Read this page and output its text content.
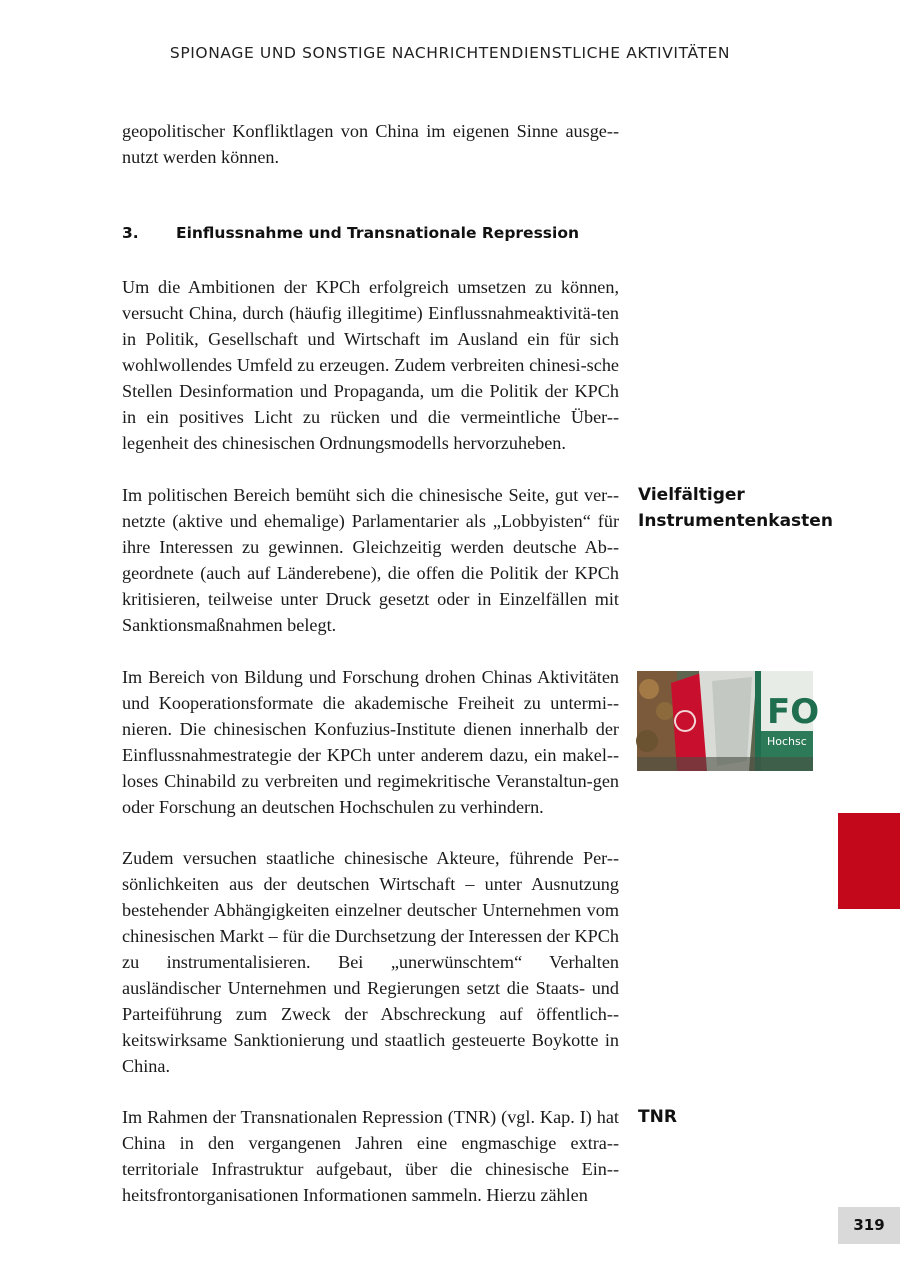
SPIONAGE UND SONSTIGE NACHRICHTENDIENSTLICHE AKTIVITÄTEN

geopolitischer Konfliktlagen von China im eigenen Sinne ausge-nutzt werden können.

3. Einflussnahme und Transnationale Repression

Um die Ambitionen der KPCh erfolgreich umsetzen zu können, versucht China, durch (häufig illegitime) Einflussnahmeaktivitä-ten in Politik, Gesellschaft und Wirtschaft im Ausland ein für sich wohlwollendes Umfeld zu erzeugen. Zudem verbreiten chinesi-sche Stellen Desinformation und Propaganda, um die Politik der KPCh in ein positives Licht zu rücken und die vermeintliche Über-legenheit des chinesischen Ordnungsmodells hervorzuheben.

Im politischen Bereich bemüht sich die chinesische Seite, gut ver-netzte (aktive und ehemalige) Parlamentarier als „Lobbyisten“ für ihre Interessen zu gewinnen. Gleichzeitig werden deutsche Ab-geordnete (auch auf Länderebene), die offen die Politik der KPCh kritisieren, teilweise unter Druck gesetzt oder in Einzelfällen mit Sanktionsmaßnahmen belegt.

Vielfältiger Instrumentenkasten

Im Bereich von Bildung und Forschung drohen Chinas Aktivitäten und Kooperationsformate die akademische Freiheit zu untermi-nieren. Die chinesischen Konfuzius-Institute dienen innerhalb der Einflussnahmestrategie der KPCh unter anderem dazu, ein makel-loses Chinabild zu verbreiten und regimekritische Veranstaltun-gen oder Forschung an deutschen Hochschulen zu verhindern.

FO
Hochsc

Zudem versuchen staatliche chinesische Akteure, führende Per-sönlichkeiten aus der deutschen Wirtschaft – unter Ausnutzung bestehender Abhängigkeiten einzelner deutscher Unternehmen vom chinesischen Markt – für die Durchsetzung der Interessen der KPCh zu instrumentalisieren. Bei „unerwünschtem“ Verhalten ausländischer Unternehmen und Regierungen setzt die Staats- und Parteiführung zum Zweck der Abschreckung auf öffentlich-keitswirksame Sanktionierung und staatlich gesteuerte Boykotte in China.

Im Rahmen der Transnationalen Repression (TNR) (vgl. Kap. I) hat China in den vergangenen Jahren eine engmaschige extra-territoriale Infrastruktur aufgebaut, über die chinesische Ein-heitsfrontorganisationen Informationen sammeln. Hierzu zählen

TNR

319
